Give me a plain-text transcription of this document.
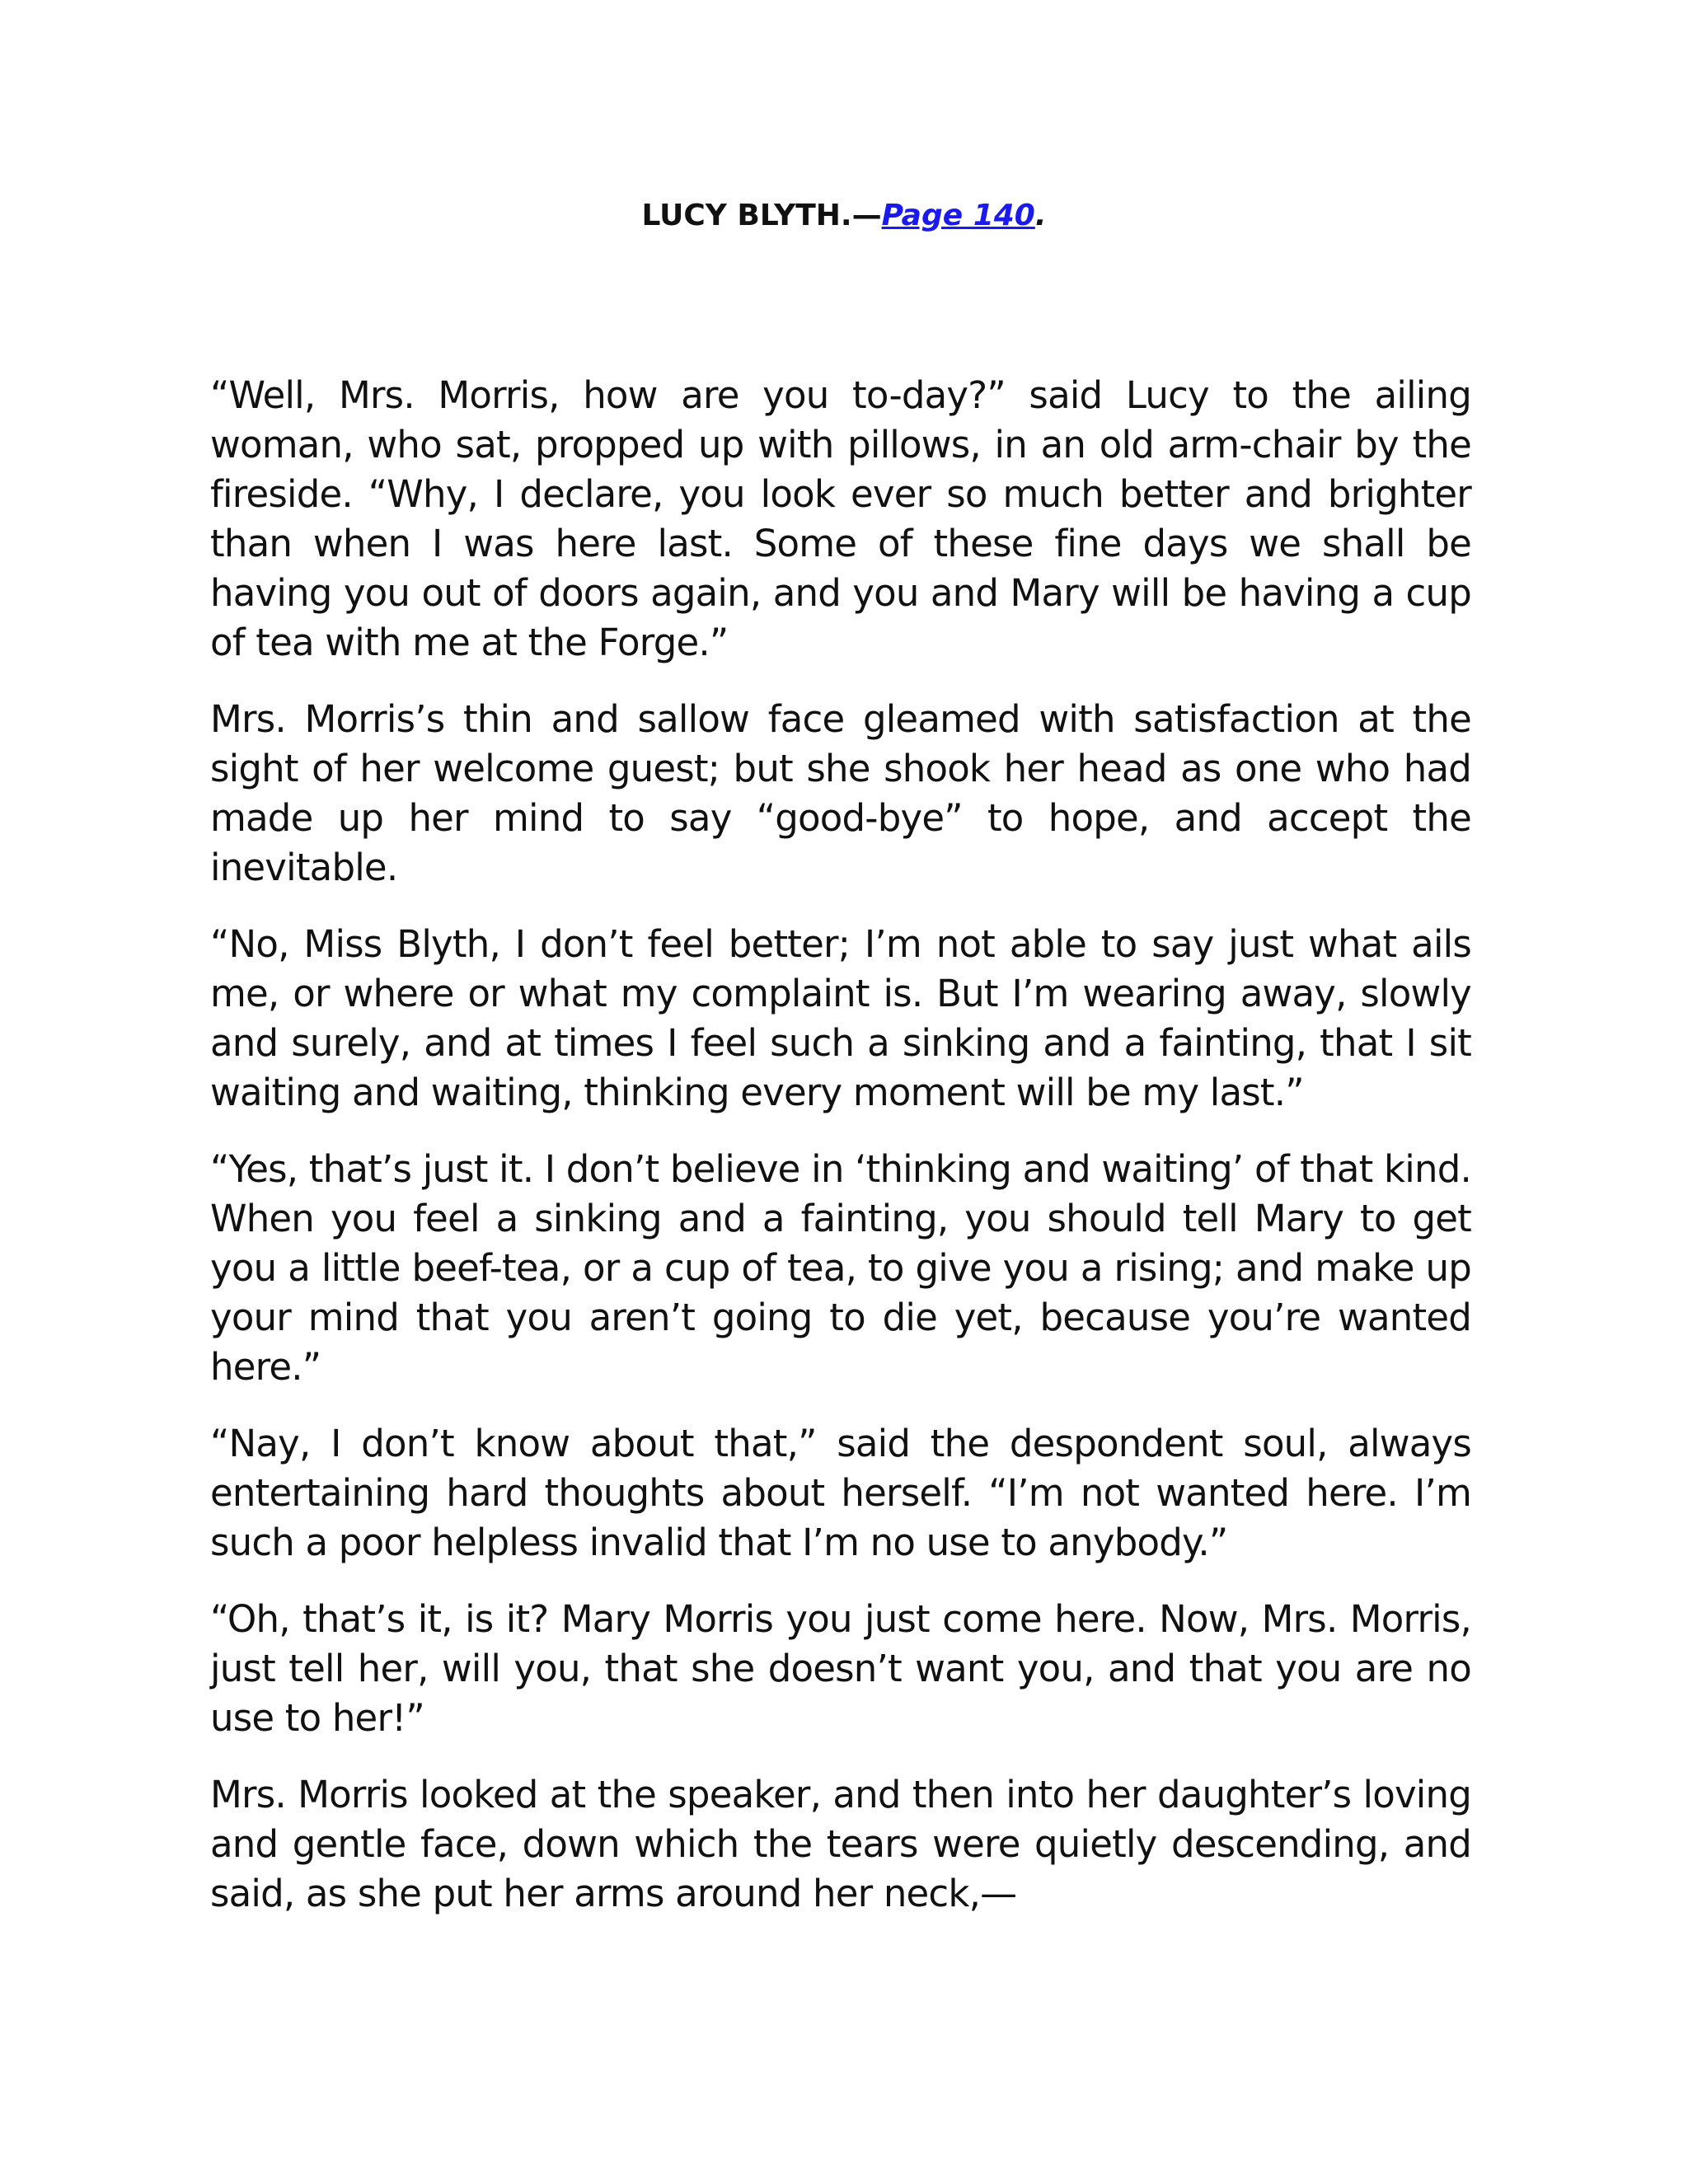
LUCY BLYTH.—Page 140.

“Well, Mrs. Morris, how are you to-day?” said Lucy to the ailing woman, who sat, propped up with pillows, in an old arm-chair by the fireside. “Why, I declare, you look ever so much better and brighter than when I was here last. Some of these fine days we shall be having you out of doors again, and you and Mary will be having a cup of tea with me at the Forge.”

Mrs. Morris’s thin and sallow face gleamed with satisfaction at the sight of her welcome guest; but she shook her head as one who had made up her mind to say “good-bye” to hope, and accept the inevitable.

“No, Miss Blyth, I don’t feel better; I’m not able to say just what ails me, or where or what my complaint is. But I’m wearing away, slowly and surely, and at times I feel such a sinking and a fainting, that I sit waiting and waiting, thinking every moment will be my last.”

“Yes, that’s just it. I don’t believe in ‘thinking and waiting’ of that kind. When you feel a sinking and a fainting, you should tell Mary to get you a little beef-tea, or a cup of tea, to give you a rising; and make up your mind that you aren’t going to die yet, because you’re wanted here.”

“Nay, I don’t know about that,” said the despondent soul, always entertaining hard thoughts about herself. “I’m not wanted here. I’m such a poor helpless invalid that I’m no use to anybody.”

“Oh, that’s it, is it? Mary Morris you just come here. Now, Mrs. Morris, just tell her, will you, that she doesn’t want you, and that you are no use to her!”

Mrs. Morris looked at the speaker, and then into her daughter’s loving and gentle face, down which the tears were quietly descending, and said, as she put her arms around her neck,—
